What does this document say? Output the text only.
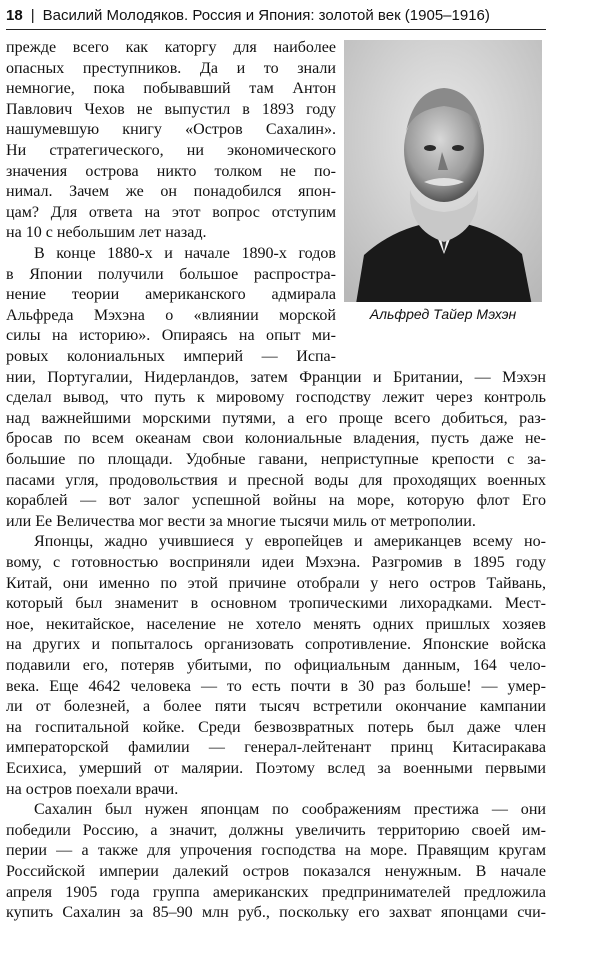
18 | Василий Молодяков. Россия и Япония: золотой век (1905–1916)
Альфред Тайер Мэхэн
прежде всего как каторгу для наиболее
опасных преступников. Да и то знали
немногие, пока побывавший там Антон
Павлович Чехов не выпустил в 1893 году
нашумевшую книгу «Остров Сахалин».
Ни стратегического, ни экономического
значения острова никто толком не по-
нимал. Зачем же он понадобился япон-
цам? Для ответа на этот вопрос отступим
на 10 с небольшим лет назад.
В конце 1880-х и начале 1890-х годов
в Японии получили большое распростра-
нение теории американского адмирала
Альфреда Мэхэна о «влиянии морской
силы на историю». Опираясь на опыт ми-
ровых колониальных империй — Испа-
нии, Португалии, Нидерландов, затем Франции и Британии, — Мэхэн
сделал вывод, что путь к мировому господству лежит через контроль
над важнейшими морскими путями, а его проще всего добиться, раз-
бросав по всем океанам свои колониальные владения, пусть даже не-
большие по площади. Удобные гавани, неприступные крепости с за-
пасами угля, продовольствия и пресной воды для проходящих военных
кораблей — вот залог успешной войны на море, которую флот Его
или Ее Величества мог вести за многие тысячи миль от метрополии.
Японцы, жадно учившиеся у европейцев и американцев всему но-
вому, с готовностью восприняли идеи Мэхэна. Разгромив в 1895 году
Китай, они именно по этой причине отобрали у него остров Тайвань,
который был знаменит в основном тропическими лихорадками. Мест-
ное, некитайское, население не хотело менять одних пришлых хозяев
на других и попыталось организовать сопротивление. Японские войска
подавили его, потеряв убитыми, по официальным данным, 164 чело-
века. Еще 4642 человека — то есть почти в 30 раз больше! — умер-
ли от болезней, а более пяти тысяч встретили окончание кампании
на госпитальной койке. Среди безвозвратных потерь был даже член
императорской фамилии — генерал-лейтенант принц Китасиракава
Есихиса, умерший от малярии. Поэтому вслед за военными первыми
на остров поехали врачи.
Сахалин был нужен японцам по соображениям престижа — они
победили Россию, а значит, должны увеличить территорию своей им-
перии — а также для упрочения господства на море. Правящим кругам
Российской империи далекий остров показался ненужным. В начале
апреля 1905 года группа американских предпринимателей предложила
купить Сахалин за 85–90 млн руб., поскольку его захват японцами счи-
